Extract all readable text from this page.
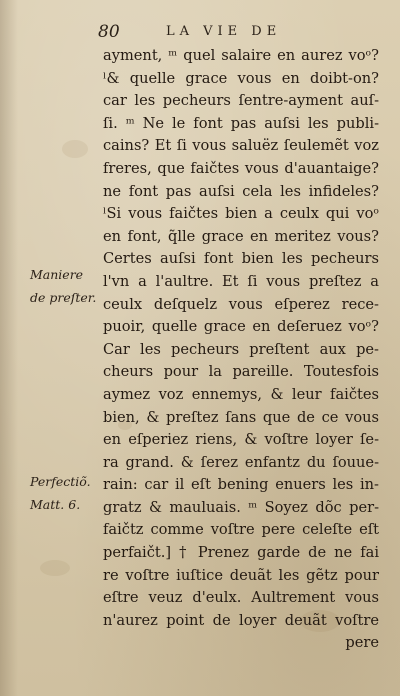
80	LA VIE DE
Maniere
de preſter.
Perfectiõ.
Matt. 6.
ayment, ᵐ quel salaire en aurez voᵒ?
ˡ& quelle grace vous en doibt-on?
car les pecheurs ſentre-ayment auſ-
ſi. ᵐ Ne le font pas auſsi les publi-
cains? Et ſi vous saluëz ſeulemẽt voz
freres, que faičtes vous d'auantaige?
ne font pas auſsi cela les infideles?
ˡSi vous faičtes bien a ceulx qui voᵒ
en font, q̃lle grace en meritez vous?
Certes auſsi font bien les pecheurs
l'vn a l'aultre. Et ſi vous preſtez a
ceulx deſquelz vous eſperez rece-
puoir, quelle grace en deſeruez voᵒ?
Car les pecheurs preſtent aux pe-
cheurs pour la pareille. Toutesfois
aymez voz ennemys, & leur faičtes
bien, & preſtez ſans que de ce vous
en eſperiez riens, & voſtre loyer ſe-
ra grand. & ſerez enfantz du ſouue-
rain: car il eſt bening enuers les in-
gratz & mauluais. ᵐ Soyez dõc per-
faičtz comme voſtre pere celeſte eſt
perfaičt.] † Prenez garde de ne fai
re voſtre iuſtice deuãt les gẽtz pour
eſtre veuz d'eulx. Aultrement vous
n'aurez point de loyer deuãt voſtre
pere
